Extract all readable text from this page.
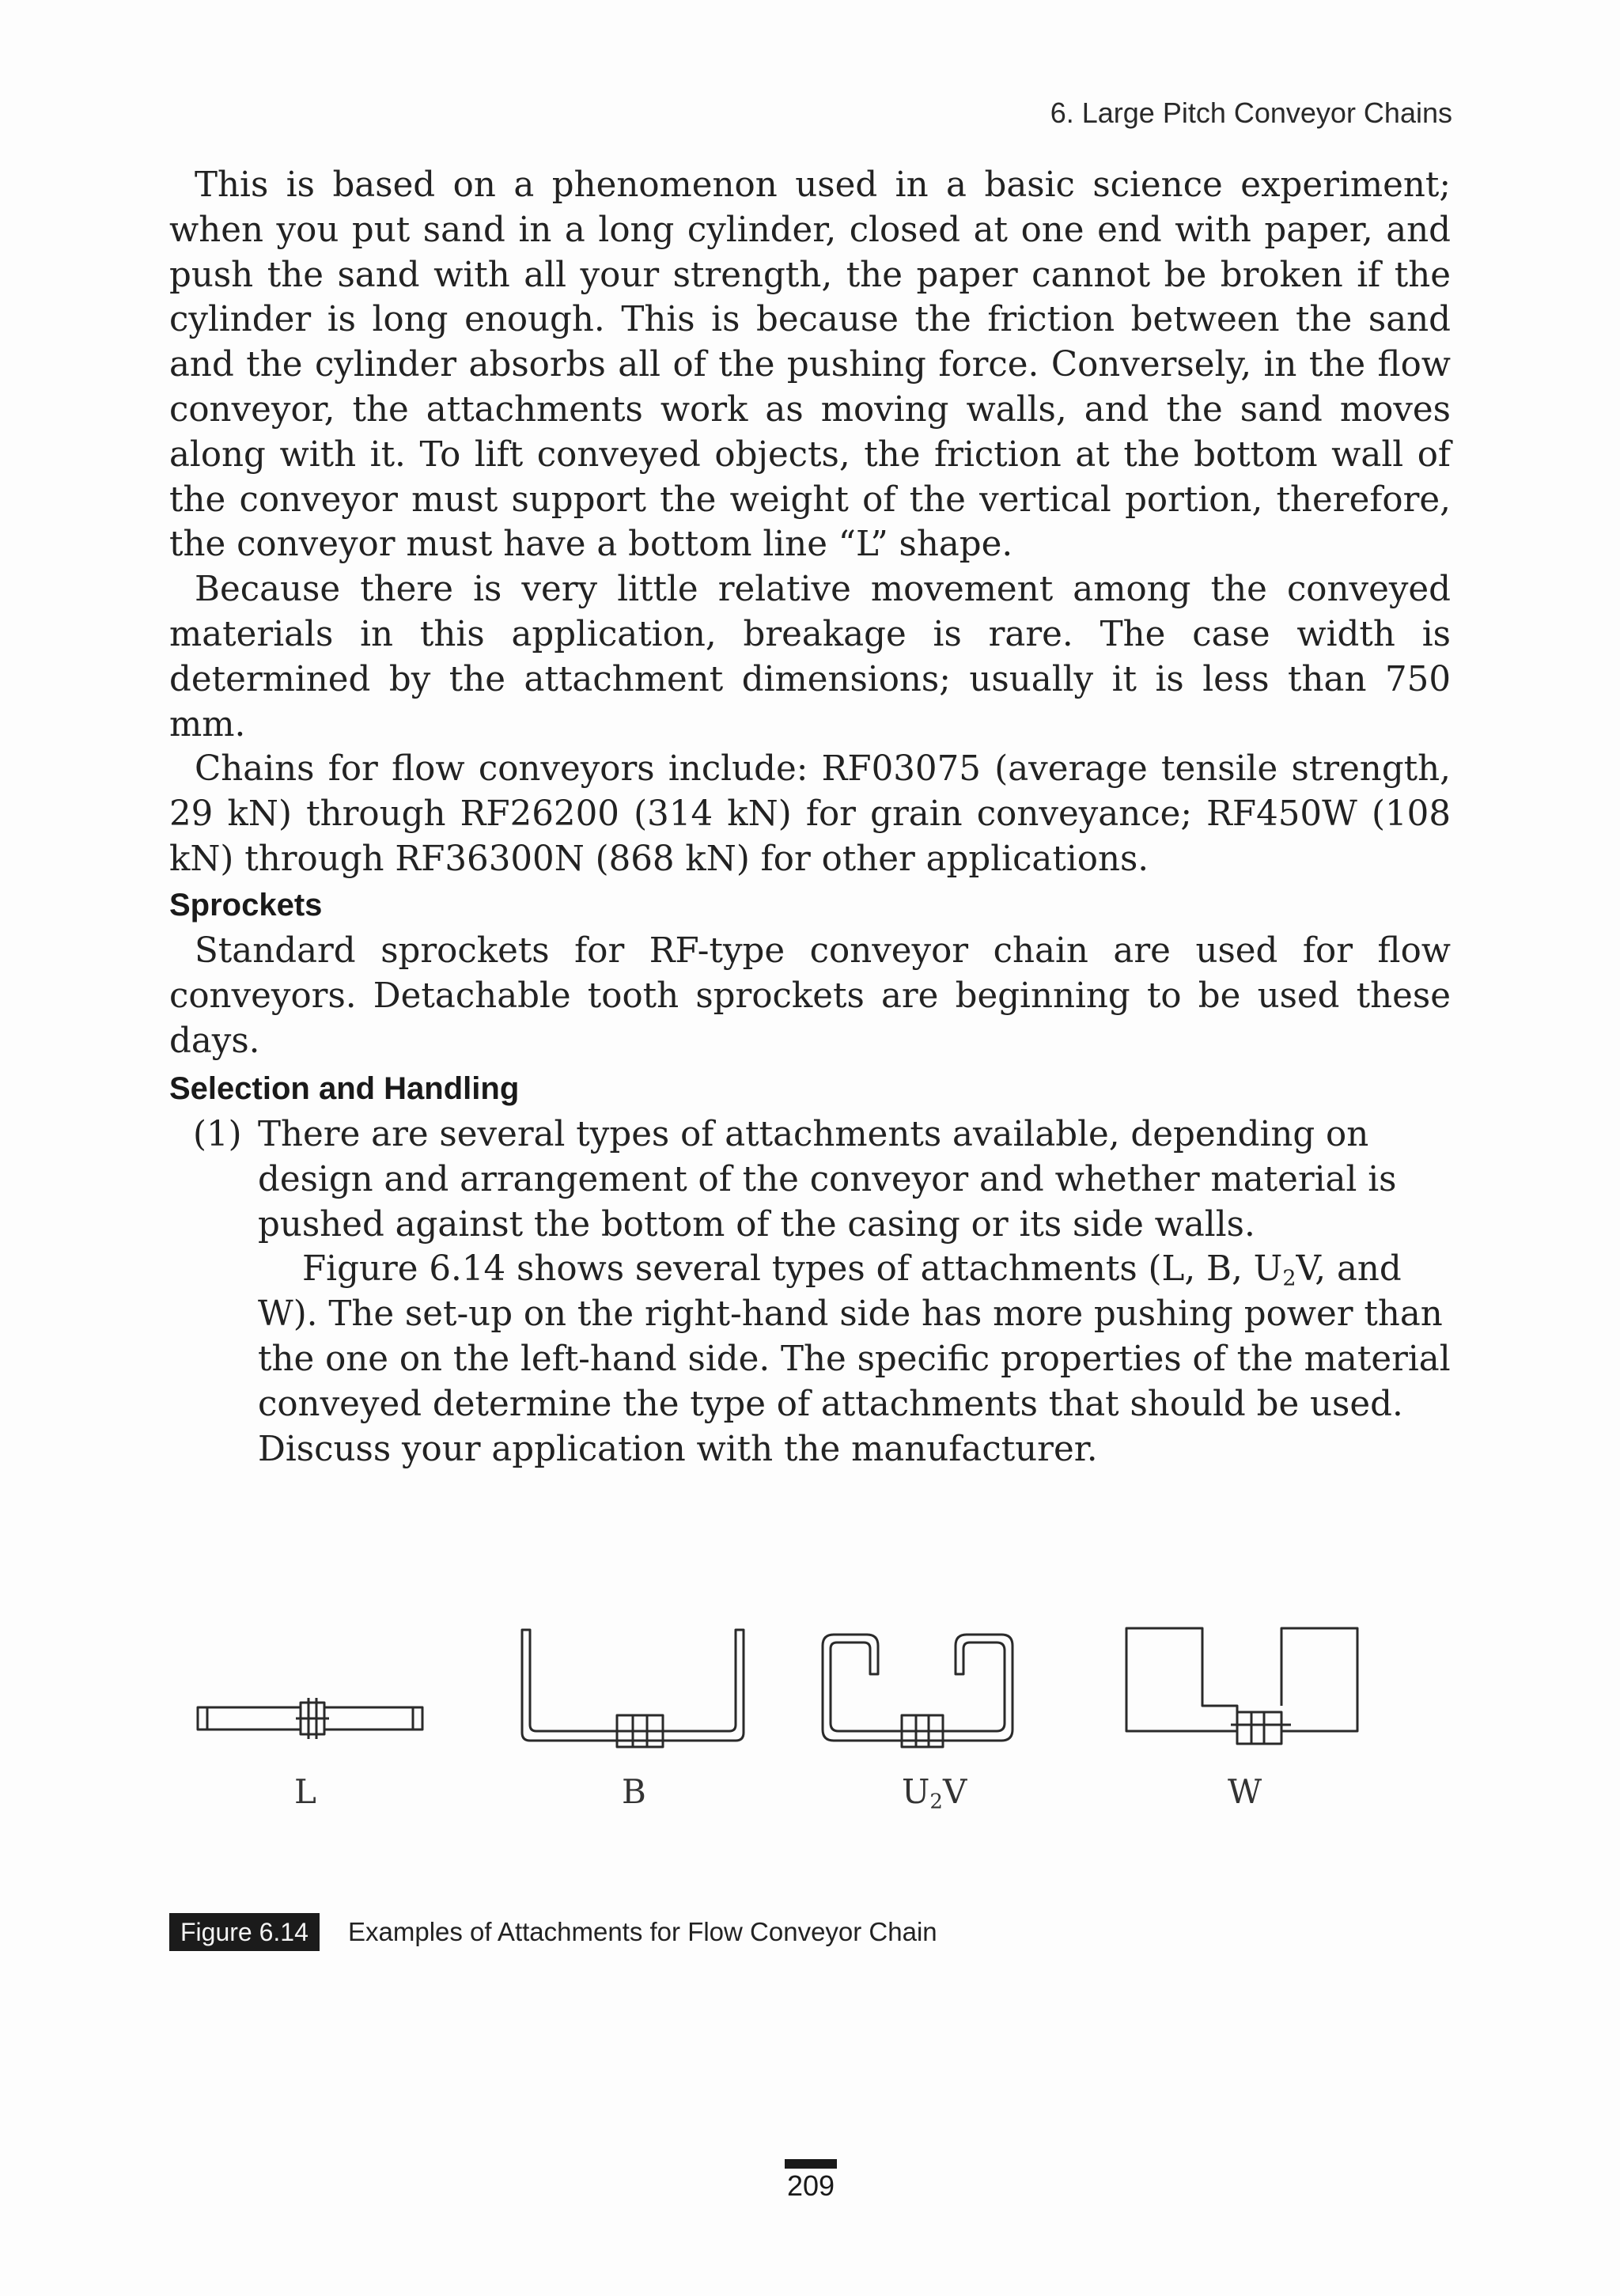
6. Large Pitch Conveyor Chains

This is based on a phenomenon used in a basic science experiment; when you put sand in a long cylinder, closed at one end with paper, and push the sand with all your strength, the paper cannot be broken if the cylinder is long enough. This is because the friction between the sand and the cylinder absorbs all of the pushing force. Conversely, in the flow conveyor, the attachments work as moving walls, and the sand moves along with it. To lift conveyed objects, the friction at the bottom wall of the conveyor must support the weight of the vertical portion, therefore, the conveyor must have a bottom line “L” shape.

Because there is very little relative movement among the conveyed materials in this application, breakage is rare. The case width is determined by the attachment dimensions; usually it is less than 750 mm.

Chains for flow conveyors include: RF03075 (average tensile strength, 29 kN) through RF26200 (314 kN) for grain conveyance; RF450W (108 kN) through RF36300N (868 kN) for other applications.

Sprockets

Standard sprockets for RF-type conveyor chain are used for flow conveyors. Detachable tooth sprockets are beginning to be used these days.

Selection and Handling
(1) There are several types of attachments available, depending on design and arrangement of the conveyor and whether material is pushed against the bottom of the casing or its side walls.

Figure 6.14 shows several types of attachments (L, B, $U_2V$, and W). The set-up on the right-hand side has more pushing power than the one on the left-hand side. The specific properties of the material conveyed determine the type of attachments that should be used. Discuss your application with the manufacturer.

L	B	$U_2V$	W
Figure 6.14	Examples of Attachments for Flow Conveyor Chain
209
